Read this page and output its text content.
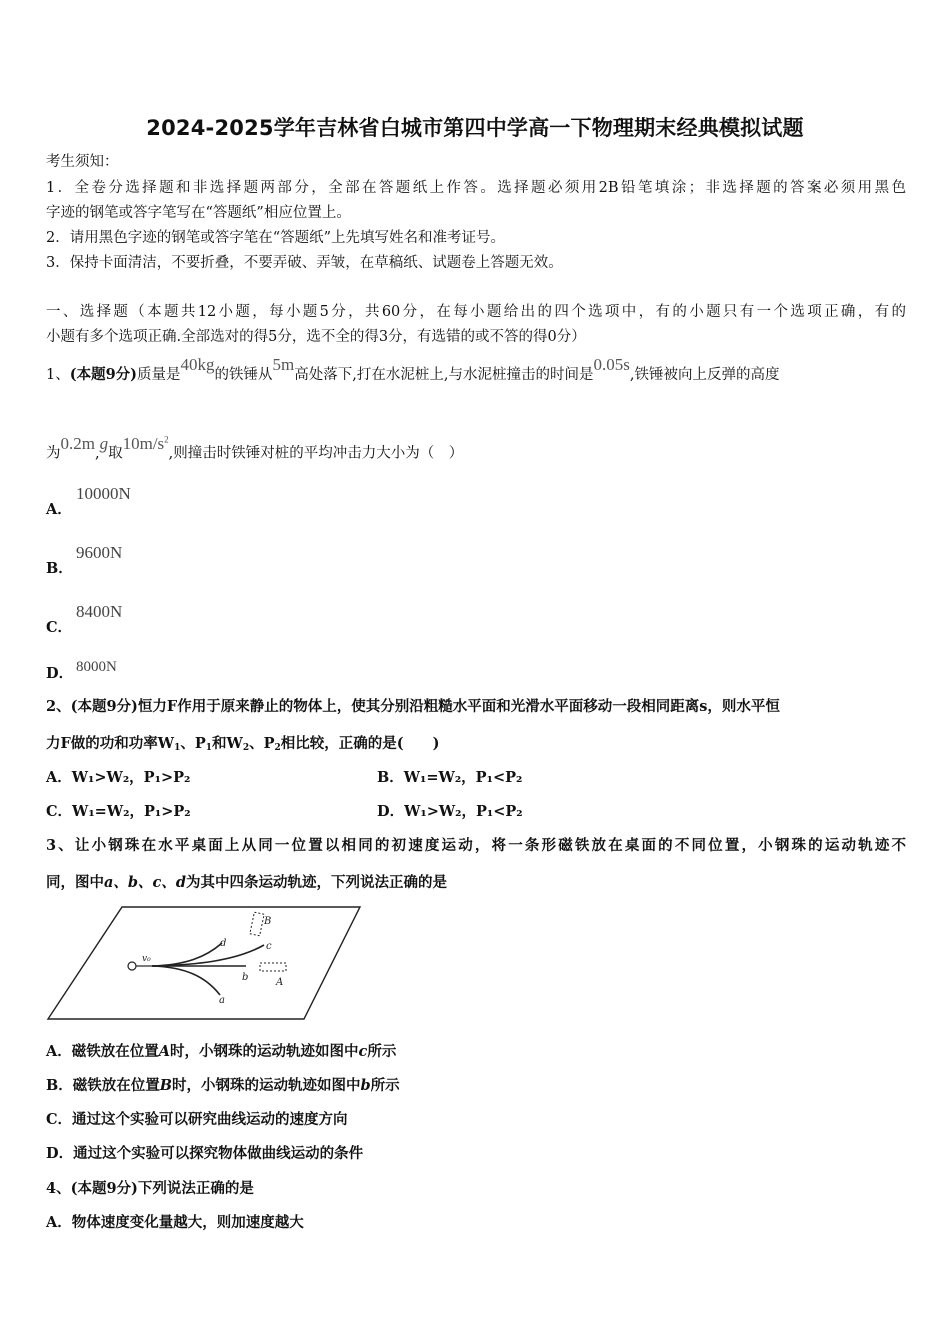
2024-2025学年吉林省白城市第四中学高一下物理期末经典模拟试题
考生须知：
1．全卷分选择题和非选择题两部分，全部在答题纸上作答。选择题必须用2B铅笔填涂；非选择题的答案必须用黑色
字迹的钢笔或答字笔写在“答题纸”相应位置上。
2．请用黑色字迹的钢笔或答字笔在“答题纸”上先填写姓名和准考证号。
3．保持卡面清洁，不要折叠，不要弄破、弄皱，在草稿纸、试题卷上答题无效。
一、选择题（本题共12小题，每小题5分，共60分，在每小题给出的四个选项中，有的小题只有一个选项正确，有的
小题有多个选项正确.全部选对的得5分，选不全的得3分，有选错的或不答的得0分）
1、(本题9分)质量是40kg的铁锤从5m高处落下,打在水泥桩上,与水泥桩撞击的时间是0.05s,铁锤被向上反弹的高度
为0.2m,g取$10m/s^2$,则撞击时铁锤对桩的平均冲击力大小为（　）
A．
10000N
B．
9600N
C．
8400N
D． 8000N
2、(本题9分)恒力F作用于原来静止的物体上，使其分别沿粗糙水平面和光滑水平面移动一段相同距离s，则水平恒
力F做的功和功率$W_1$、$P_1$和$W_2$、$P_2$相比较，正确的是(　　)
A．W₁>W₂，P₁>P₂	B．W₁=W₂，P₁<P₂
C．W₁=W₂，P₁>P₂	D．W₁>W₂，P₁<P₂
3、让小钢珠在水平桌面上从同一位置以相同的初速度运动，将一条形磁铁放在桌面的不同位置，小钢珠的运动轨迹不
同，图中a、b、c、d为其中四条运动轨迹，下列说法正确的是
v₀
d	c
b
a
B
A
A．磁铁放在位置A时，小钢珠的运动轨迹如图中c所示
B．磁铁放在位置B时，小钢珠的运动轨迹如图中b所示
C．通过这个实验可以研究曲线运动的速度方向
D．通过这个实验可以探究物体做曲线运动的条件
4、(本题9分)下列说法正确的是
A．物体速度变化量越大，则加速度越大
